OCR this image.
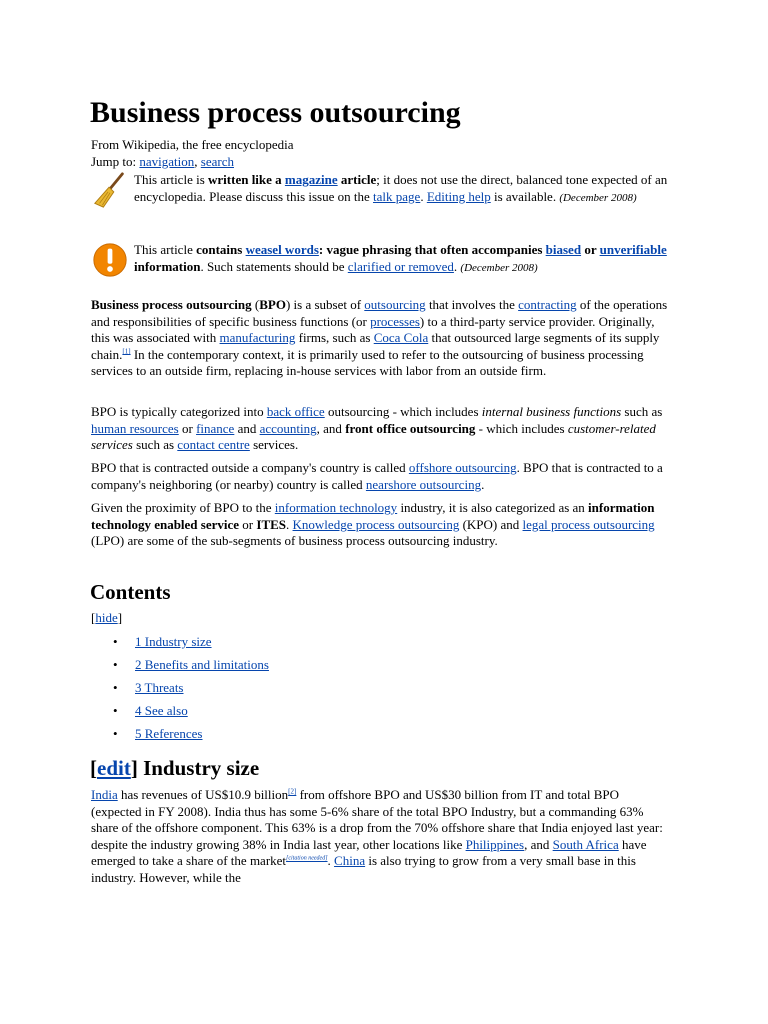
Business process outsourcing
From Wikipedia, the free encyclopedia
Jump to: navigation, search
This article is written like a magazine article; it does not use the direct, balanced tone expected of an encyclopedia. Please discuss this issue on the talk page. Editing help is available. (December 2008)
This article contains weasel words: vague phrasing that often accompanies biased or unverifiable information. Such statements should be clarified or removed. (December 2008)

Business process outsourcing (BPO) is a subset of outsourcing that involves the contracting of the operations and responsibilities of specific business functions (or processes) to a third-party service provider. Originally, this was associated with manufacturing firms, such as Coca Cola that outsourced large segments of its supply chain.[1] In the contemporary context, it is primarily used to refer to the outsourcing of business processing services to an outside firm, replacing in-house services with labor from an outside firm.

BPO is typically categorized into back office outsourcing - which includes internal business functions such as human resources or finance and accounting, and front office outsourcing - which includes customer-related services such as contact centre services.

BPO that is contracted outside a company's country is called offshore outsourcing. BPO that is contracted to a company's neighboring (or nearby) country is called nearshore outsourcing.

Given the proximity of BPO to the information technology industry, it is also categorized as an information technology enabled service or ITES. Knowledge process outsourcing (KPO) and legal process outsourcing (LPO) are some of the sub-segments of business process outsourcing industry.

Contents
[hide]
• 1 Industry size
• 2 Benefits and limitations
• 3 Threats
• 4 See also
• 5 References
[edit] Industry size

India has revenues of US$10.9 billion[2] from offshore BPO and US$30 billion from IT and total BPO (expected in FY 2008). India thus has some 5-6% share of the total BPO Industry, but a commanding 63% share of the offshore component. This 63% is a drop from the 70% offshore share that India enjoyed last year: despite the industry growing 38% in India last year, other locations like Philippines, and South Africa have emerged to take a share of the market[citation needed]. China is also trying to grow from a very small base in this industry. However, while the
